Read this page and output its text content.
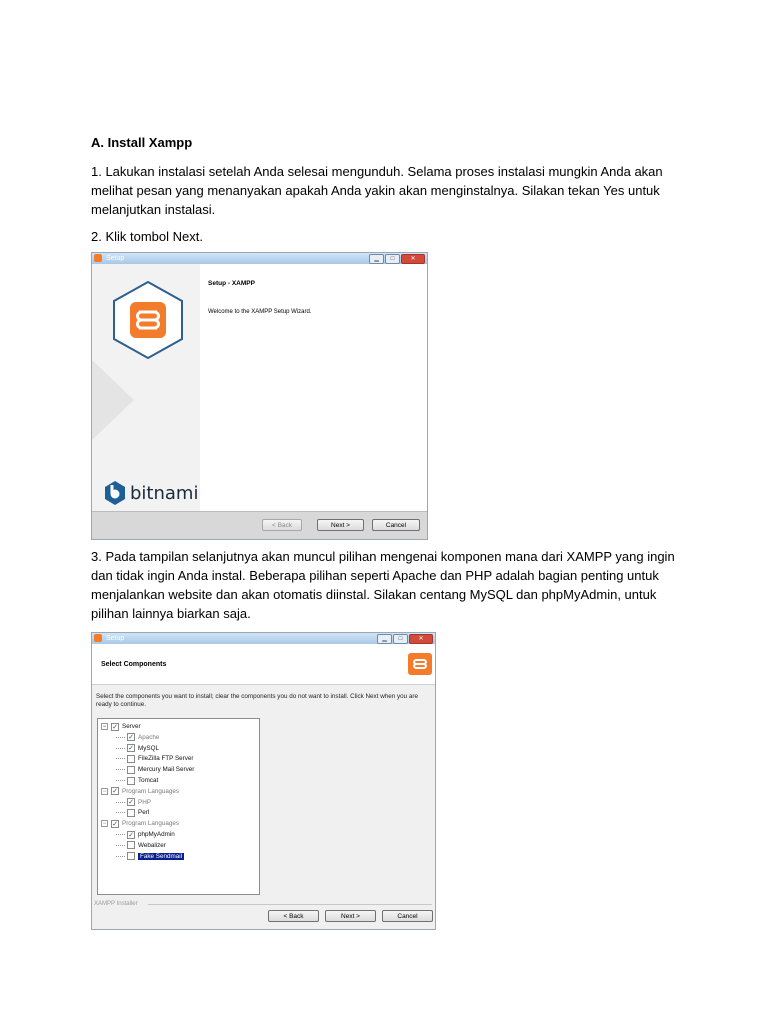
A. Install Xampp
1. Lakukan instalasi setelah Anda selesai mengunduh. Selama proses instalasi mungkin Anda akan melihat pesan yang menanyakan apakah Anda yakin akan menginstalnya. Silakan tekan Yes untuk melanjutkan instalasi.
2. Klik tombol Next.
Setup	▁	□	✕
bitnami
Setup - XAMPP
Welcome to the XAMPP Setup Wizard.
< Back	Next >	Cancel
3. Pada tampilan selanjutnya akan muncul pilihan mengenai komponen mana dari XAMPP yang ingin dan tidak ingin Anda instal. Beberapa pilihan seperti Apache dan PHP adalah bagian penting untuk menjalankan website dan akan otomatis diinstal. Silakan centang MySQL dan phpMyAdmin, untuk pilihan lainnya biarkan saja.
Setup	▁	□	✕
Select Components
Select the components you want to install; clear the components you do not want to install. Click Next when you are ready to continue.
− ✓ Server
✓ Apache
✓ MySQL
FileZilla FTP Server
Mercury Mail Server
Tomcat
− ✓ Program Languages
✓ PHP
Perl
− ✓ Program Languages
✓ phpMyAdmin
Webalizer
Fake Sendmail
XAMPP Installer
< Back	Next >	Cancel
